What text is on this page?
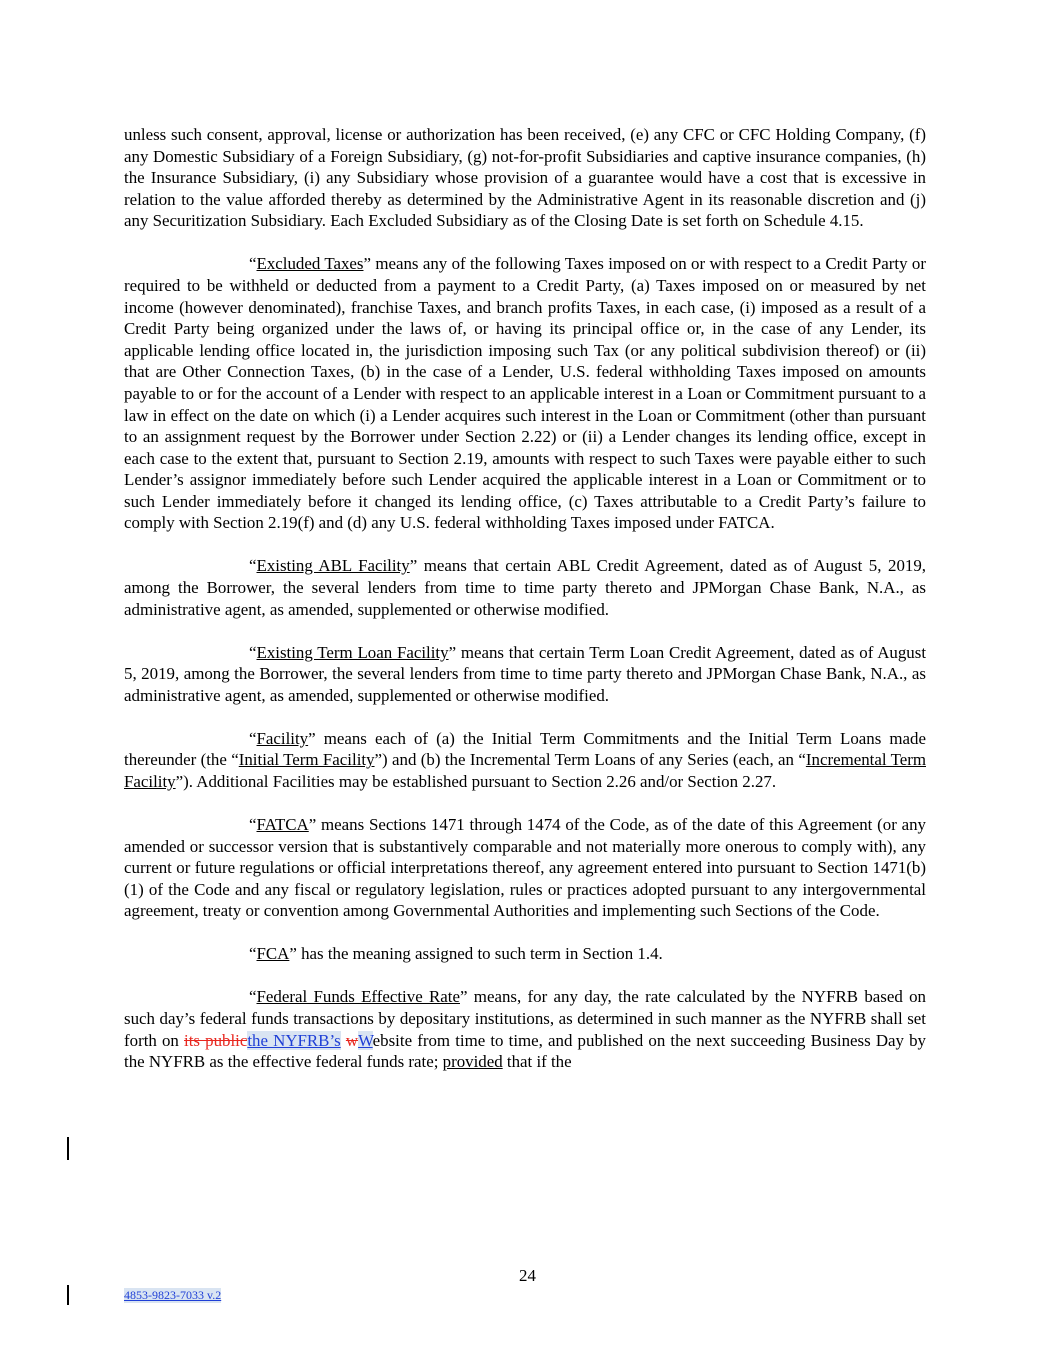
unless such consent, approval, license or authorization has been received, (e) any CFC or CFC Holding Company, (f) any Domestic Subsidiary of a Foreign Subsidiary, (g) not-for-profit Subsidiaries and captive insurance companies, (h) the Insurance Subsidiary, (i) any Subsidiary whose provision of a guarantee would have a cost that is excessive in relation to the value afforded thereby as determined by the Administrative Agent in its reasonable discretion and (j) any Securitization Subsidiary. Each Excluded Subsidiary as of the Closing Date is set forth on Schedule 4.15.

“Excluded Taxes” means any of the following Taxes imposed on or with respect to a Credit Party or required to be withheld or deducted from a payment to a Credit Party, (a) Taxes imposed on or measured by net income (however denominated), franchise Taxes, and branch profits Taxes, in each case, (i) imposed as a result of a Credit Party being organized under the laws of, or having its principal office or, in the case of any Lender, its applicable lending office located in, the jurisdiction imposing such Tax (or any political subdivision thereof) or (ii) that are Other Connection Taxes, (b) in the case of a Lender, U.S. federal withholding Taxes imposed on amounts payable to or for the account of a Lender with respect to an applicable interest in a Loan or Commitment pursuant to a law in effect on the date on which (i) a Lender acquires such interest in the Loan or Commitment (other than pursuant to an assignment request by the Borrower under Section 2.22) or (ii) a Lender changes its lending office, except in each case to the extent that, pursuant to Section 2.19, amounts with respect to such Taxes were payable either to such Lender’s assignor immediately before such Lender acquired the applicable interest in a Loan or Commitment or to such Lender immediately before it changed its lending office, (c) Taxes attributable to a Credit Party’s failure to comply with Section 2.19(f) and (d) any U.S. federal withholding Taxes imposed under FATCA.

“Existing ABL Facility” means that certain ABL Credit Agreement, dated as of August 5, 2019, among the Borrower, the several lenders from time to time party thereto and JPMorgan Chase Bank, N.A., as administrative agent, as amended, supplemented or otherwise modified.

“Existing Term Loan Facility” means that certain Term Loan Credit Agreement, dated as of August 5, 2019, among the Borrower, the several lenders from time to time party thereto and JPMorgan Chase Bank, N.A., as administrative agent, as amended, supplemented or otherwise modified.

“Facility” means each of (a) the Initial Term Commitments and the Initial Term Loans made thereunder (the “Initial Term Facility”) and (b) the Incremental Term Loans of any Series (each, an “Incremental Term Facility”). Additional Facilities may be established pursuant to Section 2.26 and/or Section 2.27.

“FATCA” means Sections 1471 through 1474 of the Code, as of the date of this Agreement (or any amended or successor version that is substantively comparable and not materially more onerous to comply with), any current or future regulations or official interpretations thereof, any agreement entered into pursuant to Section 1471(b)(1) of the Code and any fiscal or regulatory legislation, rules or practices adopted pursuant to any intergovernmental agreement, treaty or convention among Governmental Authorities and implementing such Sections of the Code.

“FCA” has the meaning assigned to such term in Section 1.4.

“Federal Funds Effective Rate” means, for any day, the rate calculated by the NYFRB based on such day’s federal funds transactions by depositary institutions, as determined in such manner as the NYFRB shall set forth on its publicthe NYFRB’s wWebsite from time to time, and published on the next succeeding Business Day by the NYFRB as the effective federal funds rate; provided that if the

24
4853-9823-7033 v.2
